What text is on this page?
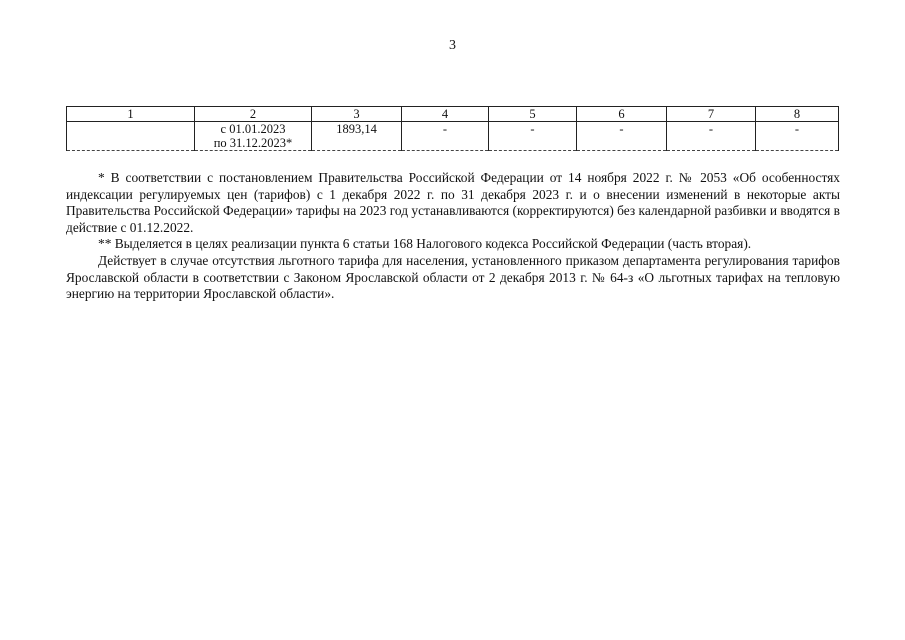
3
1	2	3	4	5	6	7	8

	с 01.01.2023
по 31.12.2023*	1893,14	-	-	-	-	-

* В соответствии с постановлением Правительства Российской Федерации от 14 ноября 2022 г. № 2053 «Об особенностях индексации регулируемых цен (тарифов) с 1 декабря 2022 г. по 31 декабря 2023 г. и о внесении изменений в некоторые акты Правительства Российской Федерации» тарифы на 2023 год устанавливаются (корректируются) без календарной разбивки и вводятся в действие с 01.12.2022.

** Выделяется в целях реализации пункта 6 статьи 168 Налогового кодекса Российской Федерации (часть вторая).

Действует в случае отсутствия льготного тарифа для населения, установленного приказом департамента регулирования тарифов Ярославской области в соответствии с Законом Ярославской области от 2 декабря 2013 г. № 64-з «О льготных тарифах на тепловую энергию на территории Ярославской области».
